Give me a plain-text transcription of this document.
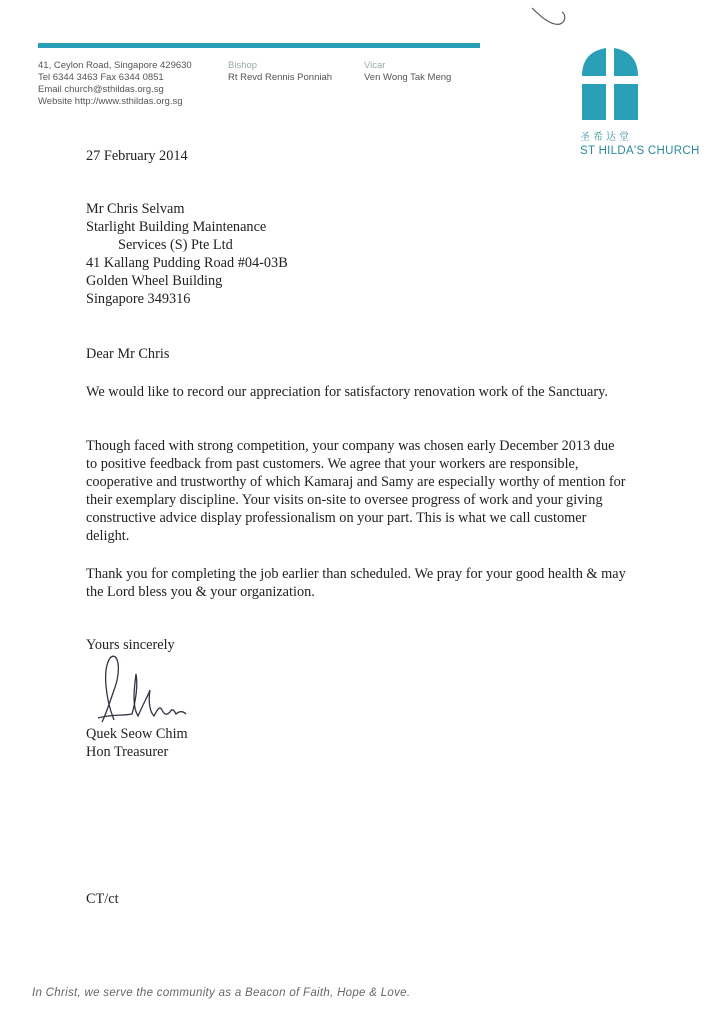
41, Ceylon Road, Singapore 429630
Tel 6344 3463 Fax 6344 0851
Email church@sthildas.org.sg
Website http://www.sthildas.org.sg
Bishop
Rt Revd Rennis Ponniah
Vicar
Ven Wong Tak Meng
圣希达堂
ST HILDA'S CHURCH
27 February 2014
Mr Chris Selvam
Starlight Building Maintenance
Services (S) Pte Ltd
41 Kallang Pudding Road #04-03B
Golden Wheel Building
Singapore 349316
Dear Mr Chris
We would like to record our appreciation for satisfactory renovation work of the Sanctuary.
Though faced with strong competition, your company was chosen early December 2013 due to positive feedback from past customers. We agree that your workers are responsible, cooperative and trustworthy of which Kamaraj and Samy are especially worthy of mention for their exemplary discipline. Your visits on-site to oversee progress of work and your giving constructive advice display professionalism on your part. This is what we call customer delight.
Thank you for completing the job earlier than scheduled. We pray for your good health & may the Lord bless you & your organization.
Yours sincerely
Quek Seow Chim
Hon Treasurer
CT/ct
In Christ, we serve the community as a Beacon of Faith, Hope & Love.
